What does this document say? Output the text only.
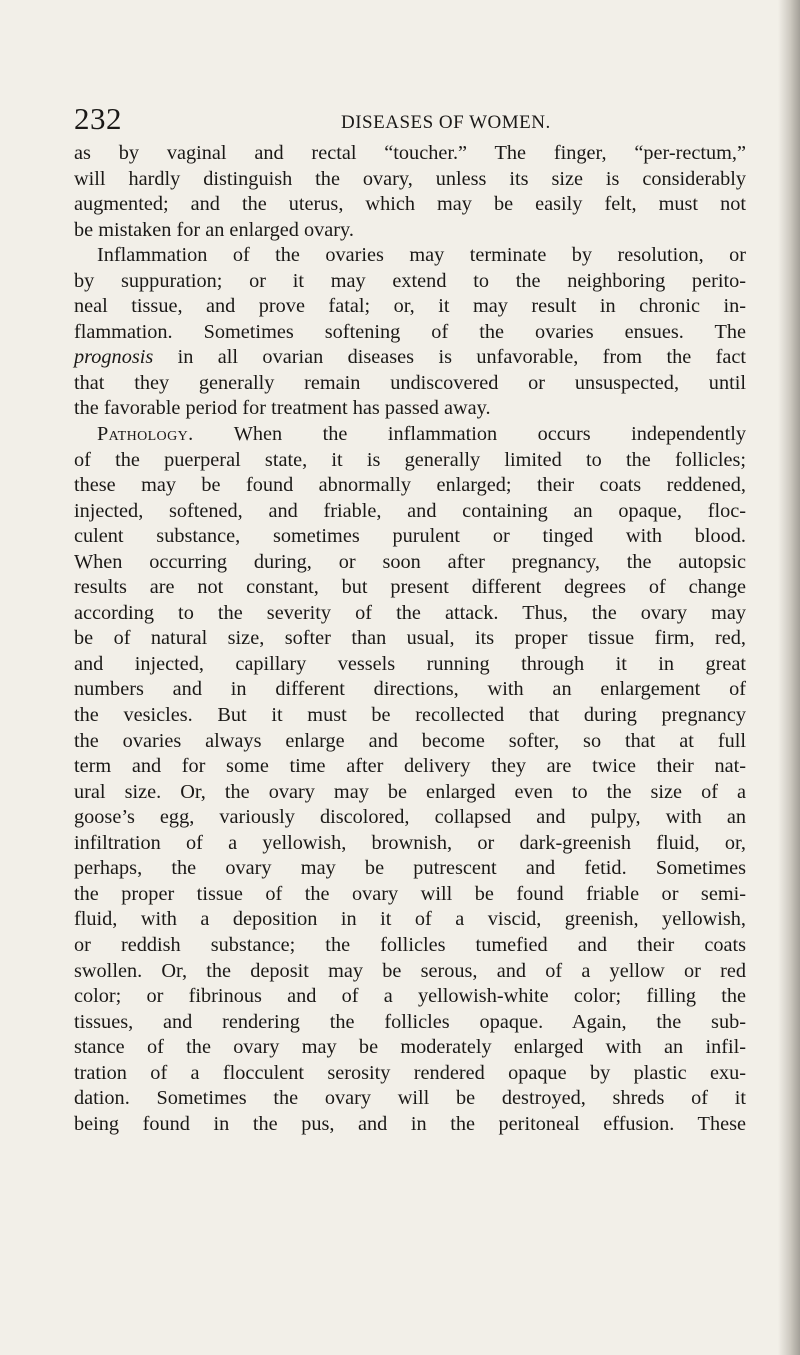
232	DISEASES OF WOMEN.
as by vaginal and rectal “toucher.” The finger, “per-rectum,”
will hardly distinguish the ovary, unless its size is considerably
augmented; and the uterus, which may be easily felt, must not
be mistaken for an enlarged ovary.
Inflammation of the ovaries may terminate by resolution, or
by suppuration; or it may extend to the neighboring perito-
neal tissue, and prove fatal; or, it may result in chronic in-
flammation. Sometimes softening of the ovaries ensues. The
prognosis in all ovarian diseases is unfavorable, from the fact
that they generally remain undiscovered or unsuspected, until
the favorable period for treatment has passed away.
Pathology. When the inflammation occurs independently
of the puerperal state, it is generally limited to the follicles;
these may be found abnormally enlarged; their coats reddened,
injected, softened, and friable, and containing an opaque, floc-
culent substance, sometimes purulent or tinged with blood.
When occurring during, or soon after pregnancy, the autopsic
results are not constant, but present different degrees of change
according to the severity of the attack. Thus, the ovary may
be of natural size, softer than usual, its proper tissue firm, red,
and injected, capillary vessels running through it in great
numbers and in different directions, with an enlargement of
the vesicles. But it must be recollected that during pregnancy
the ovaries always enlarge and become softer, so that at full
term and for some time after delivery they are twice their nat-
ural size. Or, the ovary may be enlarged even to the size of a
goose’s egg, variously discolored, collapsed and pulpy, with an
infiltration of a yellowish, brownish, or dark-greenish fluid, or,
perhaps, the ovary may be putrescent and fetid. Sometimes
the proper tissue of the ovary will be found friable or semi-
fluid, with a deposition in it of a viscid, greenish, yellowish,
or reddish substance; the follicles tumefied and their coats
swollen. Or, the deposit may be serous, and of a yellow or red
color; or fibrinous and of a yellowish-white color; filling the
tissues, and rendering the follicles opaque. Again, the sub-
stance of the ovary may be moderately enlarged with an infil-
tration of a flocculent serosity rendered opaque by plastic exu-
dation. Sometimes the ovary will be destroyed, shreds of it
being found in the pus, and in the peritoneal effusion. These
